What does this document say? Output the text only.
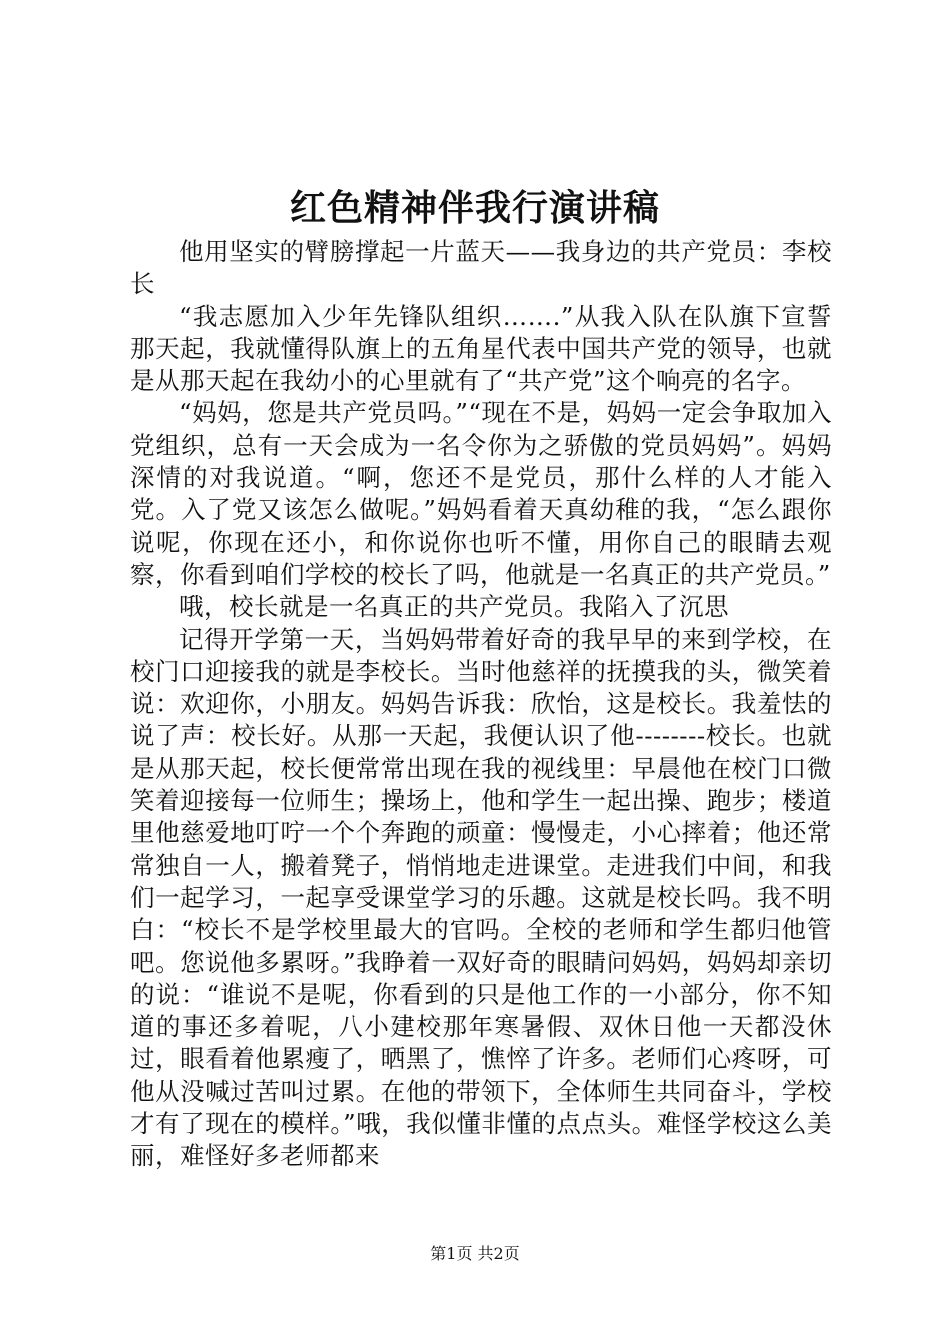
红色精神伴我行演讲稿

他用坚实的臂膀撑起一片蓝天——我身边的共产党员：李校长

“我志愿加入少年先锋队组织…….”从我入队在队旗下宣誓那天起，我就懂得队旗上的五角星代表中国共产党的领导，也就是从那天起在我幼小的心里就有了“共产党”这个响亮的名字。

“妈妈，您是共产党员吗。”“现在不是，妈妈一定会争取加入党组织，总有一天会成为一名令你为之骄傲的党员妈妈”。妈妈深情的对我说道。“啊，您还不是党员，那什么样的人才能入党。入了党又该怎么做呢。”妈妈看着天真幼稚的我，“怎么跟你说呢，你现在还小，和你说你也听不懂，用你自己的眼睛去观察，你看到咱们学校的校长了吗，他就是一名真正的共产党员。”

哦，校长就是一名真正的共产党员。我陷入了沉思

记得开学第一天，当妈妈带着好奇的我早早的来到学校，在校门口迎接我的就是李校长。当时他慈祥的抚摸我的头，微笑着说：欢迎你，小朋友。妈妈告诉我：欣怡，这是校长。我羞怯的说了声：校长好。从那一天起，我便认识了他--------校长。也就是从那天起，校长便常常出现在我的视线里：早晨他在校门口微笑着迎接每一位师生；操场上，他和学生一起出操、跑步；楼道里他慈爱地叮咛一个个奔跑的顽童：慢慢走，小心摔着；他还常常独自一人，搬着凳子，悄悄地走进课堂。走进我们中间，和我们一起学习，一起享受课堂学习的乐趣。这就是校长吗。我不明白：“校长不是学校里最大的官吗。全校的老师和学生都归他管吧。您说他多累呀。”我睁着一双好奇的眼睛问妈妈，妈妈却亲切的说：“谁说不是呢，你看到的只是他工作的一小部分，你不知道的事还多着呢，八小建校那年寒暑假、双休日他一天都没休过，眼看着他累瘦了，晒黑了，憔悴了许多。老师们心疼呀，可他从没喊过苦叫过累。在他的带领下，全体师生共同奋斗，学校才有了现在的模样。”哦，我似懂非懂的点点头。难怪学校这么美丽，难怪好多老师都来

第1页 共2页
